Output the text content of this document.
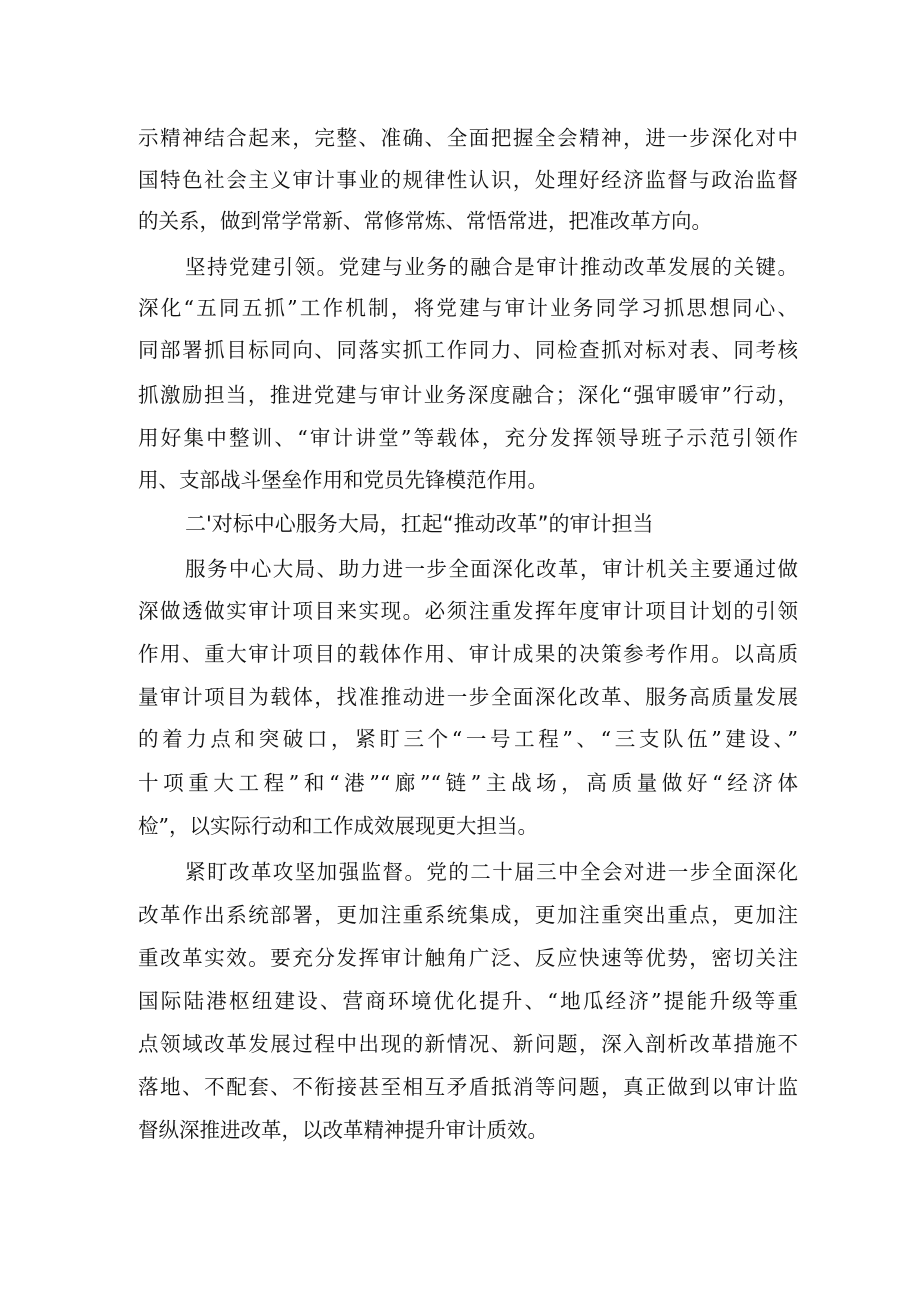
示精神结合起来，完整、准确、全面把握全会精神，进一步深化对中
国特色社会主义审计事业的规律性认识，处理好经济监督与政治监督
的关系，做到常学常新、常修常炼、常悟常进，把准改革方向。
坚持党建引领。党建与业务的融合是审计推动改革发展的关键。
深化“五同五抓”工作机制，将党建与审计业务同学习抓思想同心、
同部署抓目标同向、同落实抓工作同力、同检查抓对标对表、同考核
抓激励担当，推进党建与审计业务深度融合；深化“强审暖审”行动，
用好集中整训、“审计讲堂”等载体，充分发挥领导班子示范引领作
用、支部战斗堡垒作用和党员先锋模范作用。
二'对标中心服务大局，扛起“推动改革”的审计担当
服务中心大局、助力进一步全面深化改革，审计机关主要通过做
深做透做实审计项目来实现。必须注重发挥年度审计项目计划的引领
作用、重大审计项目的载体作用、审计成果的决策参考作用。以高质
量审计项目为载体，找准推动进一步全面深化改革、服务高质量发展
的着力点和突破口，紧盯三个“一号工程”、“三支队伍”建设、”
十项重大工程”和“港”“廊”“链”主战场，高质量做好“经济体
检”，以实际行动和工作成效展现更大担当。
紧盯改革攻坚加强监督。党的二十届三中全会对进一步全面深化
改革作出系统部署，更加注重系统集成，更加注重突出重点，更加注
重改革实效。要充分发挥审计触角广泛、反应快速等优势，密切关注
国际陆港枢纽建设、营商环境优化提升、“地瓜经济”提能升级等重
点领域改革发展过程中出现的新情况、新问题，深入剖析改革措施不
落地、不配套、不衔接甚至相互矛盾抵消等问题，真正做到以审计监
督纵深推进改革，以改革精神提升审计质效。
